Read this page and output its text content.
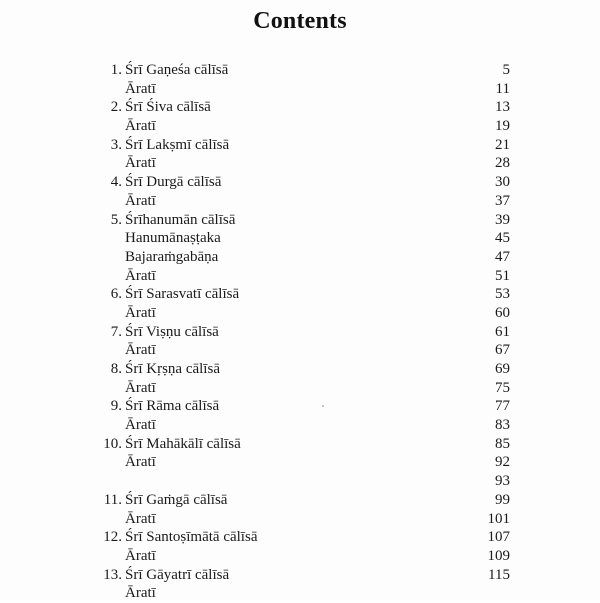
Contents
1. Śrī Gaṇeśa cālīsā	5
Āratī	11
2. Śrī Śiva cālīsā	13
Āratī	19
3. Śrī Lakṣmī cālīsā	21
Āratī	28
4. Śrī Durgā cālīsā	30
Āratī	37
5. Śrīhanumān cālīsā	39
Hanumānaṣṭaka	45
Bajaraṁgabāṇa	47
Āratī	51
6. Śrī Sarasvatī cālīsā	53
Āratī	60
7. Śrī Viṣṇu cālīsā	61
Āratī	67
8. Śrī Kṛṣṇa cālīsā	69
Āratī	75
9. Śrī Rāma cālīsā	77
Āratī	83
10. Śrī Mahākālī cālīsā	85
Āratī	92
93
11. Śrī Gaṁgā cālīsā	99
Āratī	101
12. Śrī Santoṣīmātā cālīsā	107
Āratī	109
13. Śrī Gāyatrī cālīsā	115
Āratī
